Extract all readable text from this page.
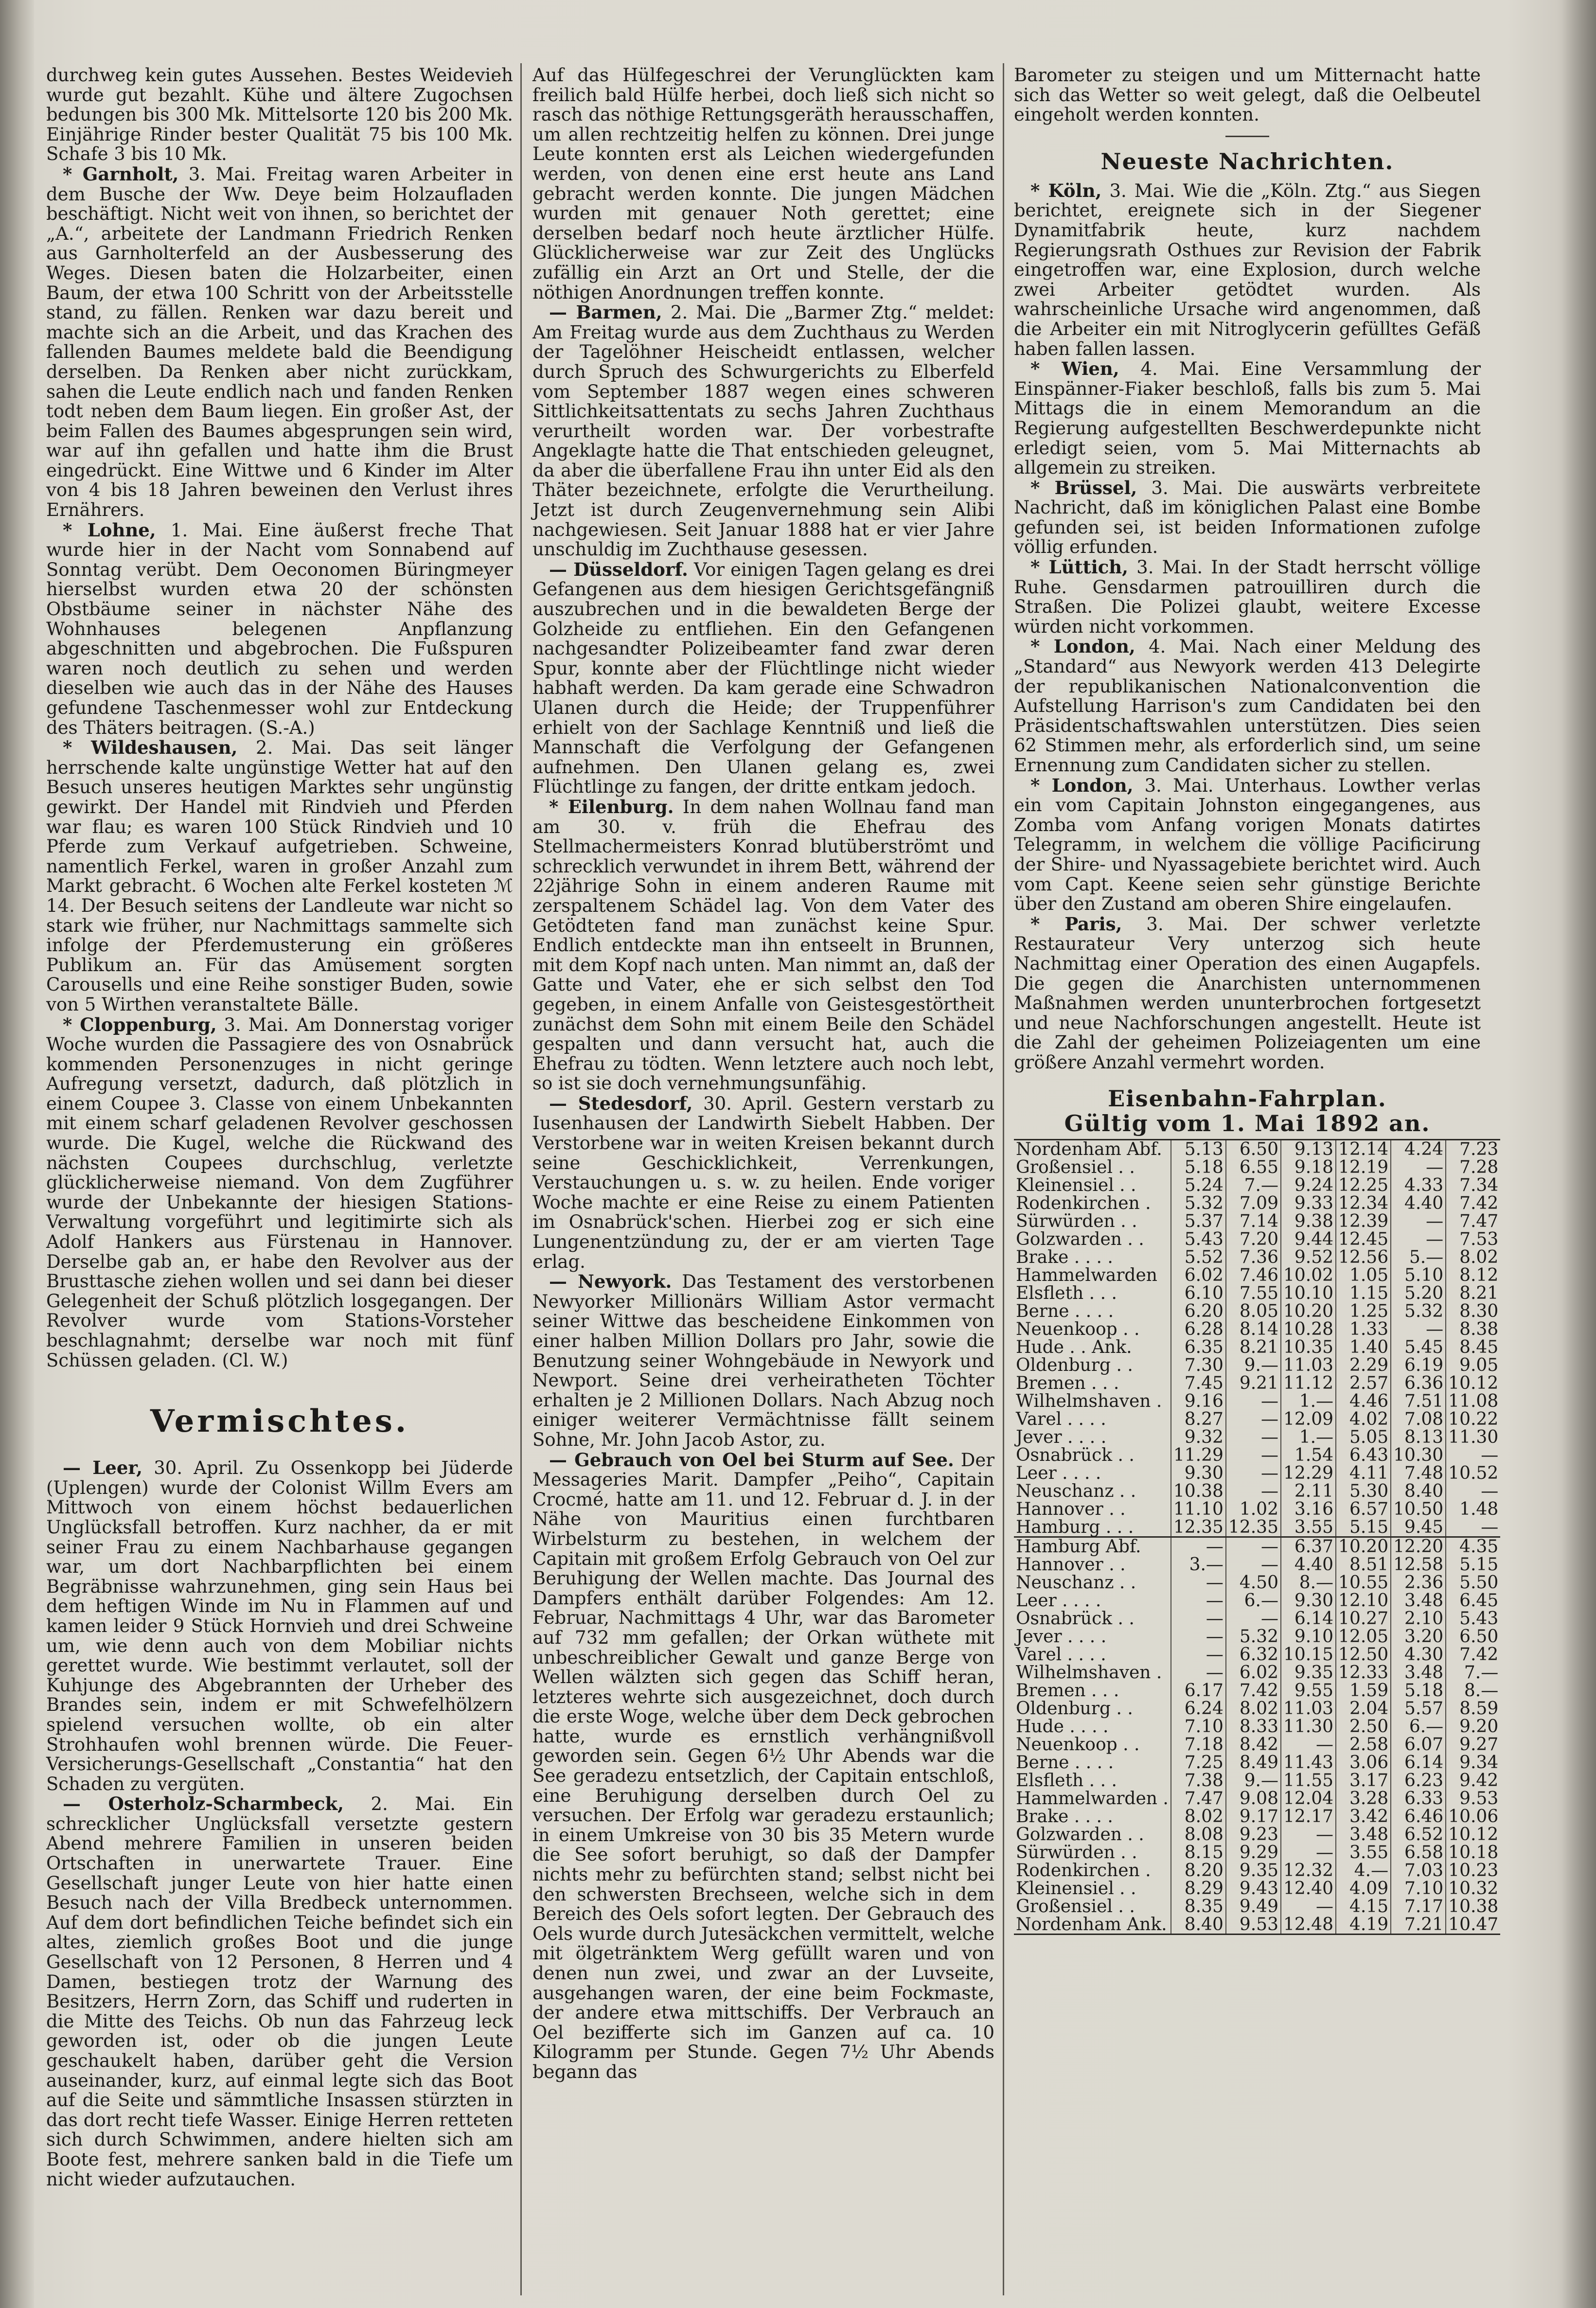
durchweg kein gutes Aussehen. Bestes Weidevieh wurde gut bezahlt. Kühe und ältere Zugochsen bedungen bis 300 Mk. Mittelsorte 120 bis 200 Mk. Einjährige Rinder bester Qualität 75 bis 100 Mk. Schafe 3 bis 10 Mk.

* Garnholt, 3. Mai. Freitag waren Arbeiter in dem Busche der Ww. Deye beim Holzaufladen beschäftigt. Nicht weit von ihnen, so berichtet der „A.“, arbeitete der Landmann Friedrich Renken aus Garnholterfeld an der Ausbesserung des Weges. Diesen baten die Holzarbeiter, einen Baum, der etwa 100 Schritt von der Arbeitsstelle stand, zu fällen. Renken war dazu bereit und machte sich an die Arbeit, und das Krachen des fallenden Baumes meldete bald die Beendigung derselben. Da Renken aber nicht zurückkam, sahen die Leute endlich nach und fanden Renken todt neben dem Baum liegen. Ein großer Ast, der beim Fallen des Baumes abgesprungen sein wird, war auf ihn gefallen und hatte ihm die Brust eingedrückt. Eine Wittwe und 6 Kinder im Alter von 4 bis 18 Jahren beweinen den Verlust ihres Ernährers.

* Lohne, 1. Mai. Eine äußerst freche That wurde hier in der Nacht vom Sonnabend auf Sonntag verübt. Dem Oeconomen Büringmeyer hierselbst wurden etwa 20 der schönsten Obstbäume seiner in nächster Nähe des Wohnhauses belegenen Anpflanzung abgeschnitten und abgebrochen. Die Fußspuren waren noch deutlich zu sehen und werden dieselben wie auch das in der Nähe des Hauses gefundene Taschenmesser wohl zur Entdeckung des Thäters beitragen. (S.-A.)

* Wildeshausen, 2. Mai. Das seit länger herrschende kalte ungünstige Wetter hat auf den Besuch unseres heutigen Marktes sehr ungünstig gewirkt. Der Handel mit Rindvieh und Pferden war flau; es waren 100 Stück Rindvieh und 10 Pferde zum Verkauf aufgetrieben. Schweine, namentlich Ferkel, waren in großer Anzahl zum Markt gebracht. 6 Wochen alte Ferkel kosteten ℳ 14. Der Besuch seitens der Landleute war nicht so stark wie früher, nur Nachmittags sammelte sich infolge der Pferdemusterung ein größeres Publikum an. Für das Amüsement sorgten Carousells und eine Reihe sonstiger Buden, sowie von 5 Wirthen veranstaltete Bälle.

* Cloppenburg, 3. Mai. Am Donnerstag voriger Woche wurden die Passagiere des von Osnabrück kommenden Personenzuges in nicht geringe Aufregung versetzt, dadurch, daß plötzlich in einem Coupee 3. Classe von einem Unbekannten mit einem scharf geladenen Revolver geschossen wurde. Die Kugel, welche die Rückwand des nächsten Coupees durchschlug, verletzte glücklicherweise niemand. Von dem Zugführer wurde der Unbekannte der hiesigen Stations-Verwaltung vorgeführt und legitimirte sich als Adolf Hankers aus Fürstenau in Hannover. Derselbe gab an, er habe den Revolver aus der Brusttasche ziehen wollen und sei dann bei dieser Gelegenheit der Schuß plötzlich losgegangen. Der Revolver wurde vom Stations-Vorsteher beschlagnahmt; derselbe war noch mit fünf Schüssen geladen. (Cl. W.)

Vermischtes.

— Leer, 30. April. Zu Ossenkopp bei Jüderde (Uplengen) wurde der Colonist Willm Evers am Mittwoch von einem höchst bedauerlichen Unglücksfall betroffen. Kurz nachher, da er mit seiner Frau zu einem Nachbarhause gegangen war, um dort Nachbarpflichten bei einem Begräbnisse wahrzunehmen, ging sein Haus bei dem heftigen Winde im Nu in Flammen auf und kamen leider 9 Stück Hornvieh und drei Schweine um, wie denn auch von dem Mobiliar nichts gerettet wurde. Wie bestimmt verlautet, soll der Kuhjunge des Abgebrannten der Urheber des Brandes sein, indem er mit Schwefelhölzern spielend versuchen wollte, ob ein alter Strohhaufen wohl brennen würde. Die Feuer-Versicherungs-Gesellschaft „Constantia“ hat den Schaden zu vergüten.

— Osterholz-Scharmbeck, 2. Mai. Ein schrecklicher Unglücksfall versetzte gestern Abend mehrere Familien in unseren beiden Ortschaften in unerwartete Trauer. Eine Gesellschaft junger Leute von hier hatte einen Besuch nach der Villa Bredbeck unternommen. Auf dem dort befindlichen Teiche befindet sich ein altes, ziemlich großes Boot und die junge Gesellschaft von 12 Personen, 8 Herren und 4 Damen, bestiegen trotz der Warnung des Besitzers, Herrn Zorn, das Schiff und ruderten in die Mitte des Teichs. Ob nun das Fahrzeug leck geworden ist, oder ob die jungen Leute geschaukelt haben, darüber geht die Version auseinander, kurz, auf einmal legte sich das Boot auf die Seite und sämmtliche Insassen stürzten in das dort recht tiefe Wasser. Einige Herren retteten sich durch Schwimmen, andere hielten sich am Boote fest, mehrere sanken bald in die Tiefe um nicht wieder aufzutauchen.

Auf das Hülfegeschrei der Verunglückten kam freilich bald Hülfe herbei, doch ließ sich nicht so rasch das nöthige Rettungsgeräth herausschaffen, um allen rechtzeitig helfen zu können. Drei junge Leute konnten erst als Leichen wiedergefunden werden, von denen eine erst heute ans Land gebracht werden konnte. Die jungen Mädchen wurden mit genauer Noth gerettet; eine derselben bedarf noch heute ärztlicher Hülfe. Glücklicherweise war zur Zeit des Unglücks zufällig ein Arzt an Ort und Stelle, der die nöthigen Anordnungen treffen konnte.

— Barmen, 2. Mai. Die „Barmer Ztg.“ meldet: Am Freitag wurde aus dem Zuchthaus zu Werden der Tagelöhner Heischeidt entlassen, welcher durch Spruch des Schwurgerichts zu Elberfeld vom September 1887 wegen eines schweren Sittlichkeitsattentats zu sechs Jahren Zuchthaus verurtheilt worden war. Der vorbestrafte Angeklagte hatte die That entschieden geleugnet, da aber die überfallene Frau ihn unter Eid als den Thäter bezeichnete, erfolgte die Verurtheilung. Jetzt ist durch Zeugenvernehmung sein Alibi nachgewiesen. Seit Januar 1888 hat er vier Jahre unschuldig im Zuchthause gesessen.

— Düsseldorf. Vor einigen Tagen gelang es drei Gefangenen aus dem hiesigen Gerichtsgefängniß auszubrechen und in die bewaldeten Berge der Golzheide zu entfliehen. Ein den Gefangenen nachgesandter Polizeibeamter fand zwar deren Spur, konnte aber der Flüchtlinge nicht wieder habhaft werden. Da kam gerade eine Schwadron Ulanen durch die Heide; der Truppenführer erhielt von der Sachlage Kenntniß und ließ die Mannschaft die Verfolgung der Gefangenen aufnehmen. Den Ulanen gelang es, zwei Flüchtlinge zu fangen, der dritte entkam jedoch.

* Eilenburg. In dem nahen Wollnau fand man am 30. v. früh die Ehefrau des Stellmachermeisters Konrad blutüberströmt und schrecklich verwundet in ihrem Bett, während der 22jährige Sohn in einem anderen Raume mit zerspaltenem Schädel lag. Von dem Vater des Getödteten fand man zunächst keine Spur. Endlich entdeckte man ihn entseelt in Brunnen, mit dem Kopf nach unten. Man nimmt an, daß der Gatte und Vater, ehe er sich selbst den Tod gegeben, in einem Anfalle von Geistesgestörtheit zunächst dem Sohn mit einem Beile den Schädel gespalten und dann versucht hat, auch die Ehefrau zu tödten. Wenn letztere auch noch lebt, so ist sie doch vernehmungsunfähig.

— Stedesdorf, 30. April. Gestern verstarb zu Iusenhausen der Landwirth Siebelt Habben. Der Verstorbene war in weiten Kreisen bekannt durch seine Geschicklichkeit, Verrenkungen, Verstauchungen u. s. w. zu heilen. Ende voriger Woche machte er eine Reise zu einem Patienten im Osnabrück'schen. Hierbei zog er sich eine Lungenentzündung zu, der er am vierten Tage erlag.

— Newyork. Das Testament des verstorbenen Newyorker Millionärs William Astor vermacht seiner Wittwe das bescheidene Einkommen von einer halben Million Dollars pro Jahr, sowie die Benutzung seiner Wohngebäude in Newyork und Newport. Seine drei verheiratheten Töchter erhalten je 2 Millionen Dollars. Nach Abzug noch einiger weiterer Vermächtnisse fällt seinem Sohne, Mr. John Jacob Astor, zu.

— Gebrauch von Oel bei Sturm auf See. Der Messageries Marit. Dampfer „Peiho“, Capitain Crocmé, hatte am 11. und 12. Februar d. J. in der Nähe von Mauritius einen furchtbaren Wirbelsturm zu bestehen, in welchem der Capitain mit großem Erfolg Gebrauch von Oel zur Beruhigung der Wellen machte. Das Journal des Dampfers enthält darüber Folgendes: Am 12. Februar, Nachmittags 4 Uhr, war das Barometer auf 732 mm gefallen; der Orkan wüthete mit unbeschreiblicher Gewalt und ganze Berge von Wellen wälzten sich gegen das Schiff heran, letzteres wehrte sich ausgezeichnet, doch durch die erste Woge, welche über dem Deck gebrochen hatte, wurde es ernstlich verhängnißvoll geworden sein. Gegen 6½ Uhr Abends war die See geradezu entsetzlich, der Capitain entschloß, eine Beruhigung derselben durch Oel zu versuchen. Der Erfolg war geradezu erstaunlich; in einem Umkreise von 30 bis 35 Metern wurde die See sofort beruhigt, so daß der Dampfer nichts mehr zu befürchten stand; selbst nicht bei den schwersten Brechseen, welche sich in dem Bereich des Oels sofort legten. Der Gebrauch des Oels wurde durch Jutesäckchen vermittelt, welche mit ölgetränktem Werg gefüllt waren und von denen nun zwei, und zwar an der Luvseite, ausgehangen waren, der eine beim Fockmaste, der andere etwa mittschiffs. Der Verbrauch an Oel bezifferte sich im Ganzen auf ca. 10 Kilogramm per Stunde. Gegen 7½ Uhr Abends begann das

Barometer zu steigen und um Mitternacht hatte sich das Wetter so weit gelegt, daß die Oelbeutel eingeholt werden konnten.

Neueste Nachrichten.

* Köln, 3. Mai. Wie die „Köln. Ztg.“ aus Siegen berichtet, ereignete sich in der Siegener Dynamitfabrik heute, kurz nachdem Regierungsrath Osthues zur Revision der Fabrik eingetroffen war, eine Explosion, durch welche zwei Arbeiter getödtet wurden. Als wahrscheinliche Ursache wird angenommen, daß die Arbeiter ein mit Nitroglycerin gefülltes Gefäß haben fallen lassen.

* Wien, 4. Mai. Eine Versammlung der Einspänner-Fiaker beschloß, falls bis zum 5. Mai Mittags die in einem Memorandum an die Regierung aufgestellten Beschwerdepunkte nicht erledigt seien, vom 5. Mai Mitternachts ab allgemein zu streiken.

* Brüssel, 3. Mai. Die auswärts verbreitete Nachricht, daß im königlichen Palast eine Bombe gefunden sei, ist beiden Informationen zufolge völlig erfunden.

* Lüttich, 3. Mai. In der Stadt herrscht völlige Ruhe. Gensdarmen patrouilliren durch die Straßen. Die Polizei glaubt, weitere Excesse würden nicht vorkommen.

* London, 4. Mai. Nach einer Meldung des „Standard“ aus Newyork werden 413 Delegirte der republikanischen Nationalconvention die Aufstellung Harrison's zum Candidaten bei den Präsidentschaftswahlen unterstützen. Dies seien 62 Stimmen mehr, als erforderlich sind, um seine Ernennung zum Candidaten sicher zu stellen.

* London, 3. Mai. Unterhaus. Lowther verlas ein vom Capitain Johnston eingegangenes, aus Zomba vom Anfang vorigen Monats datirtes Telegramm, in welchem die völlige Pacificirung der Shire- und Nyassagebiete berichtet wird. Auch vom Capt. Keene seien sehr günstige Berichte über den Zustand am oberen Shire eingelaufen.

* Paris, 3. Mai. Der schwer verletzte Restaurateur Very unterzog sich heute Nachmittag einer Operation des einen Augapfels. Die gegen die Anarchisten unternommenen Maßnahmen werden ununterbrochen fortgesetzt und neue Nachforschungen angestellt. Heute ist die Zahl der geheimen Polizeiagenten um eine größere Anzahl vermehrt worden.

Eisenbahn-Fahrplan.
Gültig vom 1. Mai 1892 an.
Nordenham Abf.	5.13	6.50	9.13	12.14	4.24	7.23
Großensiel . .	5.18	6.55	9.18	12.19	—	7.28
Kleinensiel . .	5.24	7.—	9.24	12.25	4.33	7.34
Rodenkirchen .	5.32	7.09	9.33	12.34	4.40	7.42
Sürwürden . .	5.37	7.14	9.38	12.39	—	7.47
Golzwarden . .	5.43	7.20	9.44	12.45	—	7.53
Brake . . . .	5.52	7.36	9.52	12.56	5.—	8.02
Hammelwarden	6.02	7.46	10.02	1.05	5.10	8.12
Elsfleth . . .	6.10	7.55	10.10	1.15	5.20	8.21
Berne . . . .	6.20	8.05	10.20	1.25	5.32	8.30
Neuenkoop . .	6.28	8.14	10.28	1.33	—	8.38
Hude . . Ank.	6.35	8.21	10.35	1.40	5.45	8.45
Oldenburg . .	7.30	9.—	11.03	2.29	6.19	9.05
Bremen . . .	7.45	9.21	11.12	2.57	6.36	10.12
Wilhelmshaven .	9.16	—	1.—	4.46	7.51	11.08
Varel . . . .	8.27	—	12.09	4.02	7.08	10.22
Jever . . . .	9.32	—	1.—	5.05	8.13	11.30
Osnabrück . .	11.29	—	1.54	6.43	10.30	—
Leer . . . .	9.30	—	12.29	4.11	7.48	10.52
Neuschanz . .	10.38	—	2.11	5.30	8.40	—
Hannover . .	11.10	1.02	3.16	6.57	10.50	1.48
Hamburg . . .	12.35	12.35	3.55	5.15	9.45	—
Hamburg Abf.	—	—	6.37	10.20	12.20	4.35
Hannover . .	3.—	—	4.40	8.51	12.58	5.15
Neuschanz . .	—	4.50	8.—	10.55	2.36	5.50
Leer . . . .	—	6.—	9.30	12.10	3.48	6.45
Osnabrück . .	—	—	6.14	10.27	2.10	5.43
Jever . . . .	—	5.32	9.10	12.05	3.20	6.50
Varel . . . .	—	6.32	10.15	12.50	4.30	7.42
Wilhelmshaven .	—	6.02	9.35	12.33	3.48	7.—
Bremen . . .	6.17	7.42	9.55	1.59	5.18	8.—
Oldenburg . .	6.24	8.02	11.03	2.04	5.57	8.59
Hude . . . .	7.10	8.33	11.30	2.50	6.—	9.20
Neuenkoop . .	7.18	8.42	—	2.58	6.07	9.27
Berne . . . .	7.25	8.49	11.43	3.06	6.14	9.34
Elsfleth . . .	7.38	9.—	11.55	3.17	6.23	9.42
Hammelwarden .	7.47	9.08	12.04	3.28	6.33	9.53
Brake . . . .	8.02	9.17	12.17	3.42	6.46	10.06
Golzwarden . .	8.08	9.23	—	3.48	6.52	10.12
Sürwürden . .	8.15	9.29	—	3.55	6.58	10.18
Rodenkirchen .	8.20	9.35	12.32	4.—	7.03	10.23
Kleinensiel . .	8.29	9.43	12.40	4.09	7.10	10.32
Großensiel . .	8.35	9.49	—	4.15	7.17	10.38
Nordenham Ank.	8.40	9.53	12.48	4.19	7.21	10.47
